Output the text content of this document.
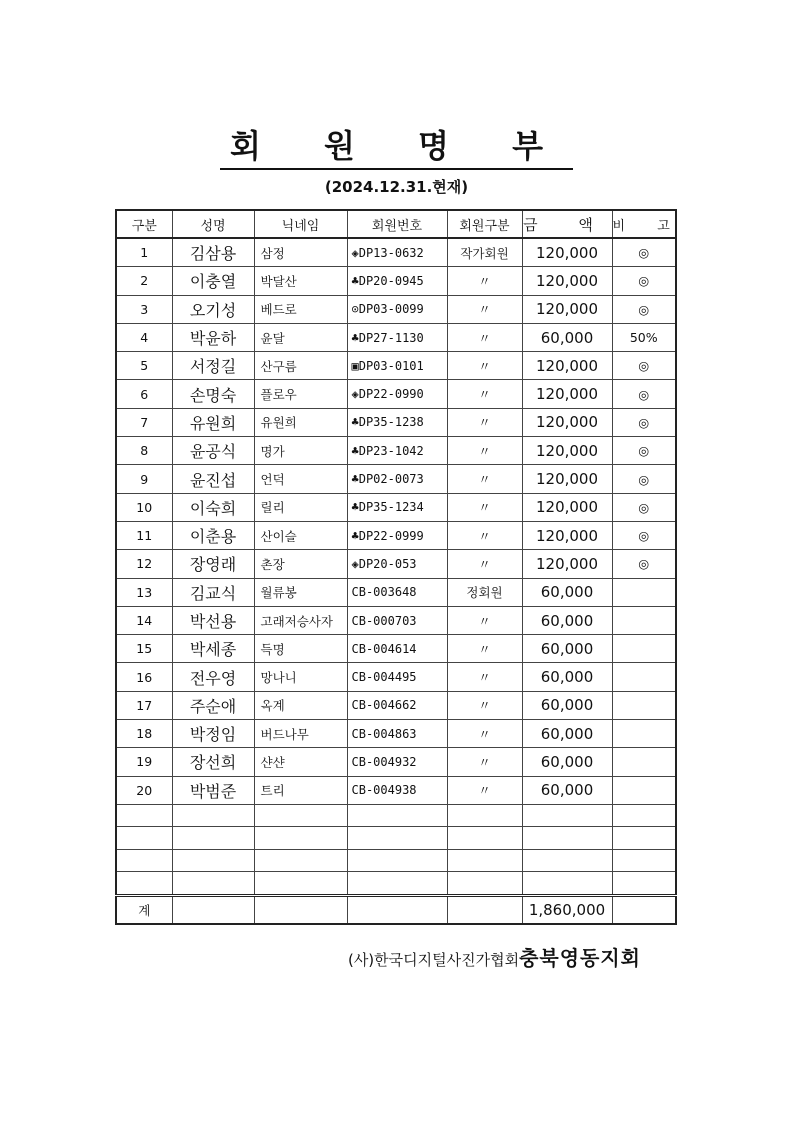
회 원 명 부
(2024.12.31.현재)
구분	성명	닉네임	회원번호	회원구분	금 액	비 고
1	김삼용	삼정	◈DP13-0632	작가회원	120,000	◎
2	이충열	박달산	♣DP20-0945	〃	120,000	◎
3	오기성	베드로	⊙DP03-0099	〃	120,000	◎
4	박윤하	윤달	♣DP27-1130	〃	60,000	50%
5	서정길	산구름	▣DP03-0101	〃	120,000	◎
6	손명숙	플로우	◈DP22-0990	〃	120,000	◎
7	유원희	유원희	♣DP35-1238	〃	120,000	◎
8	윤공식	명가	♣DP23-1042	〃	120,000	◎
9	윤진섭	언덕	♣DP02-0073	〃	120,000	◎
10	이숙희	릴리	♣DP35-1234	〃	120,000	◎
11	이춘용	산이슬	♣DP22-0999	〃	120,000	◎
12	장영래	촌장	◈DP20-053	〃	120,000	◎
13	김교식	월류봉	CB-003648	정회원	60,000	
14	박선용	고래저승사자	CB-000703	〃	60,000	
15	박세종	득명	CB-004614	〃	60,000	
16	전우영	망나니	CB-004495	〃	60,000	
17	주순애	옥계	CB-004662	〃	60,000	
18	박정임	버드나무	CB-004863	〃	60,000	
19	장선희	샨샨	CB-004932	〃	60,000	
20	박범준	트리	CB-004938	〃	60,000	

계					1,860,000	
(사)한국디지털사진가협회충북영동지회
